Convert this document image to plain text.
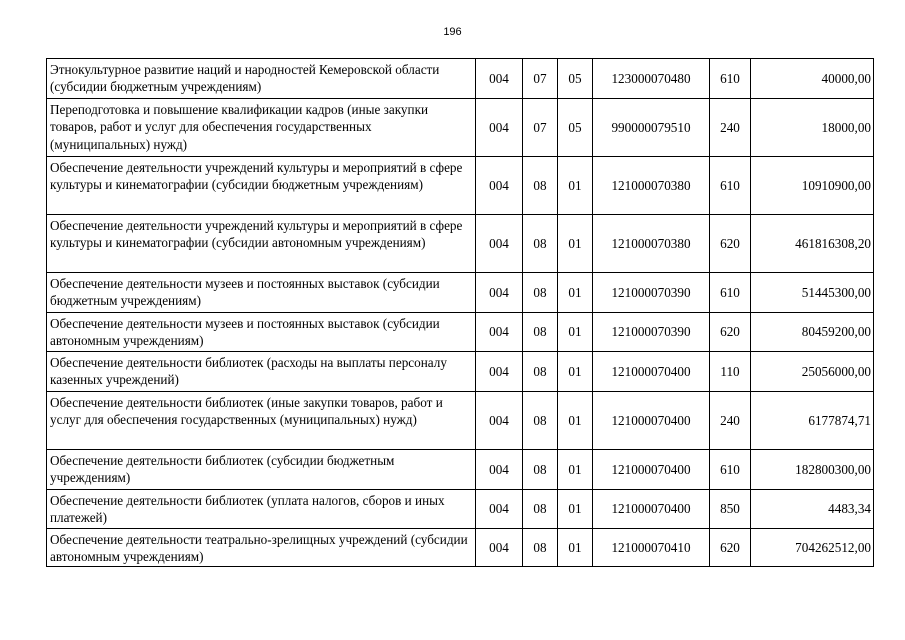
196
Этнокультурное развитие наций и народностей Кемеровской области (субсидии бюджетным учреждениям)	004	07	05	123000070480	610	40000,00
Переподготовка и повышение квалификации кадров (иные закупки товаров, работ и услуг для обеспечения государственных (муниципальных) нужд)	004	07	05	990000079510	240	18000,00
Обеспечение деятельности учреждений культуры и мероприятий в сфере культуры и кинематографии (субсидии бюджетным учреждениям)	004	08	01	121000070380	610	10910900,00
Обеспечение деятельности учреждений культуры и мероприятий в сфере культуры и кинематографии (субсидии автономным учреждениям)	004	08	01	121000070380	620	461816308,20
Обеспечение деятельности музеев и постоянных выставок (субсидии бюджетным учреждениям)	004	08	01	121000070390	610	51445300,00
Обеспечение деятельности музеев и постоянных выставок (субсидии автономным учреждениям)	004	08	01	121000070390	620	80459200,00
Обеспечение деятельности библиотек (расходы на выплаты персоналу казенных учреждений)	004	08	01	121000070400	110	25056000,00
Обеспечение деятельности библиотек (иные закупки товаров, работ и услуг для обеспечения государственных (муниципальных) нужд)	004	08	01	121000070400	240	6177874,71
Обеспечение деятельности библиотек (субсидии бюджетным учреждениям)	004	08	01	121000070400	610	182800300,00
Обеспечение деятельности библиотек (уплата налогов, сборов и иных платежей)	004	08	01	121000070400	850	4483,34
Обеспечение деятельности театрально-зрелищных учреждений (субсидии автономным учреждениям)	004	08	01	121000070410	620	704262512,00
